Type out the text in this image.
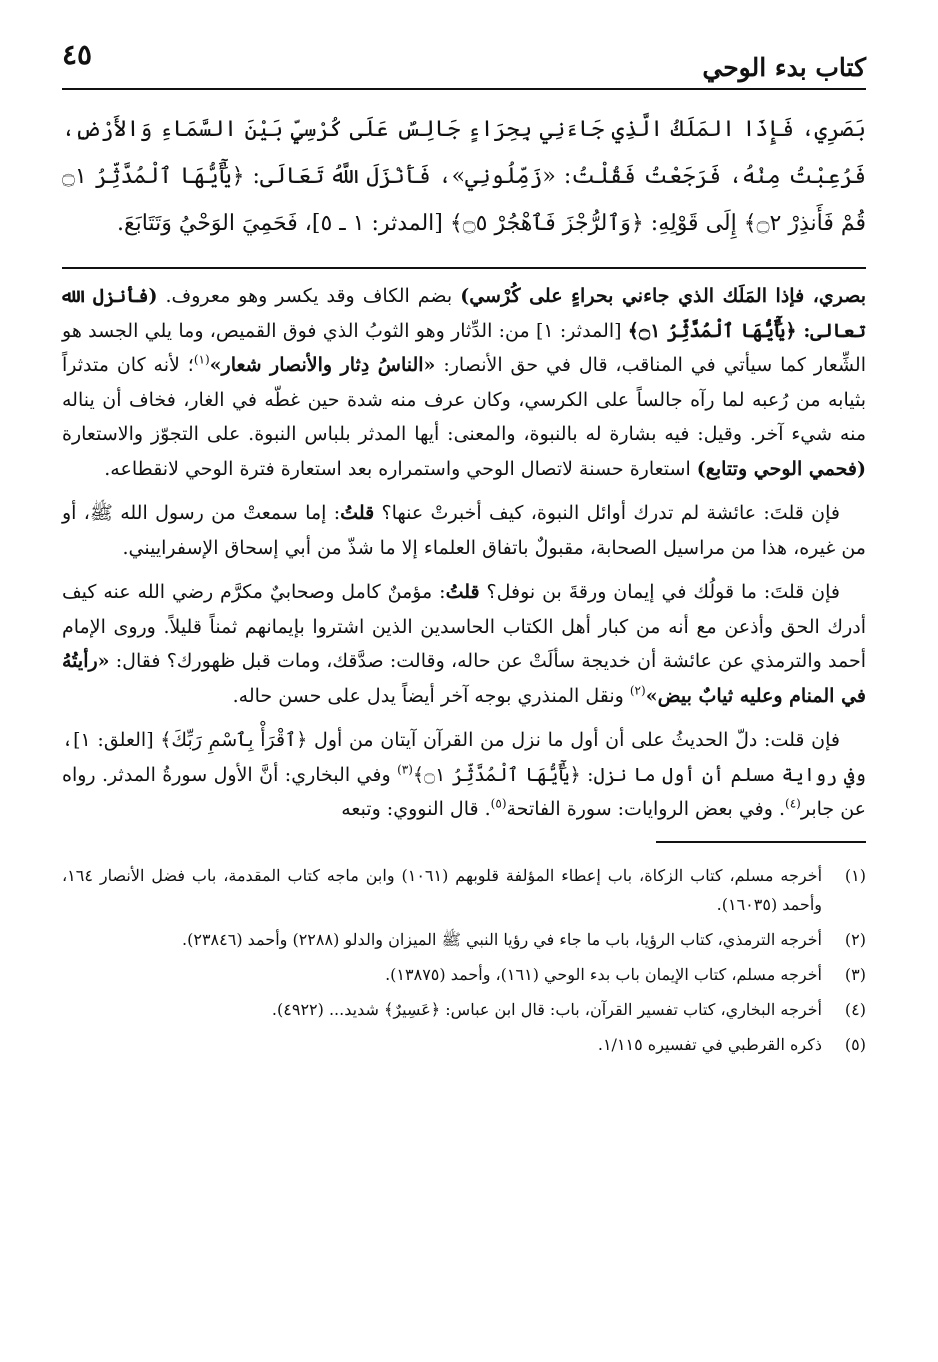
كتاب بدء الوحي
٤٥
بَصَرِي، فَإِذَا المَلَكُ الَّذِي جَاءَنِي بِحِرَاءٍ جَالِسٌ عَلَى كُرْسِيٍّ بَيْنَ السَّمَاءِ وَالأَرْضِ، فَرُعِبْتُ مِنْهُ، فَرَجَعْتُ فَقُلْتُ: «زَمِّلُونِي»، فَأَنْزَلَ اللَّهُ تَعَالَى: ﴿يَٰٓأَيُّهَا ٱلْمُدَّثِّرُ ۝١ قُمْ فَأَنذِرْ ۝٢﴾ إِلَى قَوْلِهِ: ﴿وَٱلرُّجْزَ فَٱهْجُرْ ۝٥﴾ [المدثر: ١ ـ ٥]، فَحَمِيَ الوَحْيُ وَتَتَابَعَ.

بصري، فإذا المَلَك الذي جاءني بحراءٍ على كُرْسي) بضم الكاف وقد يكسر وهو معروف. (فأنزل الله تعالى: ﴿يَٰٓأَيُّهَا ٱلْمُدَّثِّرُ ۝١﴾ [المدثر: ١] من: الدِّثار وهو الثوبُ الذي فوق القميص، وما يلي الجسد هو الشِّعار كما سيأتي في المناقب، قال في حق الأنصار: «الناسُ دِثار والأنصار شعار»$^{(١)}$؛ لأنه كان متدثراً بثيابه من رُعبه لما رآه جالساً على الكرسي، وكان عرف منه شدة حين غطّه في الغار، فخاف أن يناله منه شيء آخر. وقيل: فيه بشارة له بالنبوة، والمعنى: أيها المدثر بلباس النبوة. على التجوّز والاستعارة (فحمي الوحي وتتابع) استعارة حسنة لاتصال الوحي واستمراره بعد استعارة فترة الوحي لانقطاعه.

فإن قلتَ: عائشة لم تدرك أوائل النبوة، كيف أخبرتْ عنها؟ قلتُ: إما سمعتْ من رسول الله ﷺ، أو من غيره، هذا من مراسيل الصحابة، مقبولٌ باتفاق العلماء إلا ما شذّ من أبي إسحاق الإسفراييني.

فإن قلتَ: ما قولُك في إيمان ورقةَ بن نوفل؟ قلتُ: مؤمنٌ كامل وصحابيٌ مكرَّم رضي الله عنه كيف أدرك الحق وأذعن مع أنه من كبار أهل الكتاب الحاسدين الذين اشتروا بإيمانهم ثمناً قليلاً. وروى الإمام أحمد والترمذي عن عائشة أن خديجة سألَتْ عن حاله، وقالت: صدَّقك، ومات قبل ظهورك؟ فقال: «رأيتُهُ في المنام وعليه ثيابٌ بيض»$^{(٢)}$ ونقل المنذري بوجه آخر أيضاً يدل على حسن حاله.

فإن قلت: دلّ الحديثُ على أن أول ما نزل من القرآن آيتان من أول ﴿ٱقْرَأْ بِٱسْمِ رَبِّكَ﴾ [العلق: ١]، وفي رواية مسلم أن أول ما نزل: ﴿يَٰٓأَيُّهَا ٱلْمُدَّثِّرُ ۝١﴾$^{(٣)}$ وفي البخاري: أنَّ الأول سورةُ المدثر. رواه عن جابر$^{(٤)}$. وفي بعض الروايات: سورة الفاتحة$^{(٥)}$. قال النووي: وتبعه

(١)
أخرجه مسلم، كتاب الزكاة، باب إعطاء المؤلفة قلوبهم (١٠٦١) وابن ماجه كتاب المقدمة، باب فضل الأنصار ١٦٤، وأحمد (١٦٠٣٥).
(٢)
أخرجه الترمذي، كتاب الرؤيا، باب ما جاء في رؤيا النبي ﷺ الميزان والدلو (٢٢٨٨) وأحمد (٢٣٨٤٦).
(٣)
أخرجه مسلم، كتاب الإيمان باب بدء الوحي (١٦١)، وأحمد (١٣٨٧٥).
(٤)
أخرجه البخاري، كتاب تفسير القرآن، باب: قال ابن عباس: ﴿عَسِيرٌ﴾ شديد... (٤٩٢٢).
(٥)
ذكره القرطبي في تفسيره ١/١١٥.
